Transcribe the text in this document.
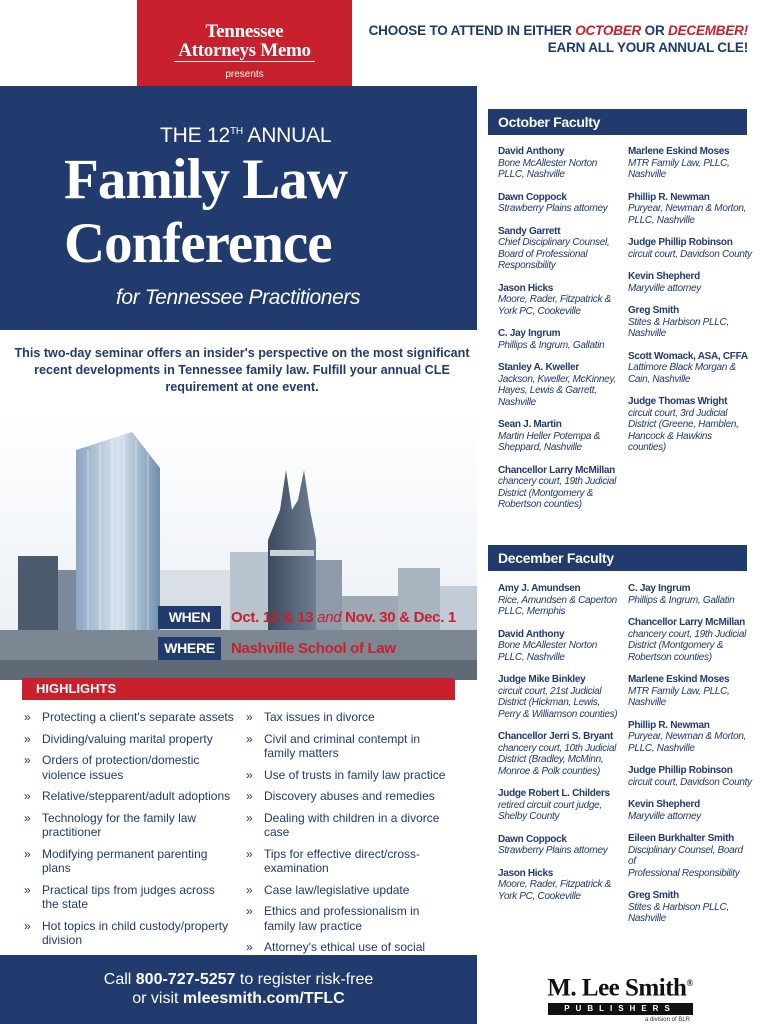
Tennessee
Attorneys Memo
presents
CHOOSE TO ATTEND IN EITHER OCTOBER OR DECEMBER!
EARN ALL YOUR ANNUAL CLE!
THE 12TH ANNUAL
Family Law
Conference
for Tennessee Practitioners
This two-day seminar offers an insider's perspective on the most significant recent developments in Tennessee family law. Fulfill your annual CLE requirement at one event.
WHEN	Oct. 12 & 13 and Nov. 30 & Dec. 1
WHERE	Nashville School of Law
HIGHLIGHTS
» Protecting a client's separate assets
» Dividing/valuing marital property
» Orders of protection/domestic violence issues
» Relative/stepparent/adult adoptions
» Technology for the family law practitioner
» Modifying permanent parenting plans
» Practical tips from judges across the state
» Hot topics in child custody/property division
» Tax issues in divorce
» Civil and criminal contempt in family matters
» Use of trusts in family law practice
» Discovery abuses and remedies
» Dealing with children in a divorce case
» Tips for effective direct/cross-examination
» Case law/legislative update
» Ethics and professionalism in family law practice
» Attorney's ethical use of social
October Faculty
David Anthony
Bone McAllester Norton
PLLC, Nashville
Dawn Coppock
Strawberry Plains attorney
Sandy Garrett
Chief Disciplinary Counsel,
Board of Professional
Responsibility
Jason Hicks
Moore, Rader, Fitzpatrick &
York PC, Cookeville
C. Jay Ingrum
Phillips & Ingrum, Gallatin
Stanley A. Kweller
Jackson, Kweller, McKinney,
Hayes, Lewis & Garrett,
Nashville
Sean J. Martin
Martin Heller Potempa &
Sheppard, Nashville
Chancellor Larry McMillan
chancery court, 19th Judicial
District (Montgomery &
Robertson counties)
Marlene Eskind Moses
MTR Family Law, PLLC,
Nashville
Phillip R. Newman
Puryear, Newman & Morton,
PLLC, Nashville
Judge Phillip Robinson
circuit court, Davidson County
Kevin Shepherd
Maryville attorney
Greg Smith
Stites & Harbison PLLC,
Nashville
Scott Womack, ASA, CFFA
Lattimore Black Morgan &
Cain, Nashville
Judge Thomas Wright
circuit court, 3rd Judicial
District (Greene, Hamblen,
Hancock & Hawkins counties)
December Faculty
Amy J. Amundsen
Rice, Amundsen & Caperton
PLLC, Memphis
David Anthony
Bone McAllester Norton
PLLC, Nashville
Judge Mike Binkley
circuit court, 21st Judicial
District (Hickman, Lewis,
Perry & Williamson counties)
Chancellor Jerri S. Bryant
chancery court, 10th Judicial
District (Bradley, McMinn,
Monroe & Polk counties)
Judge Robert L. Childers
retired circuit court judge,
Shelby County
Dawn Coppock
Strawberry Plains attorney
Jason Hicks
Moore, Rader, Fitzpatrick &
York PC, Cookeville
C. Jay Ingrum
Phillips & Ingrum, Gallatin
Chancellor Larry McMillan
chancery court, 19th Judicial
District (Montgomery &
Robertson counties)
Marlene Eskind Moses
MTR Family Law, PLLC,
Nashville
Phillip R. Newman
Puryear, Newman & Morton,
PLLC, Nashville
Judge Phillip Robinson
circuit court, Davidson County
Kevin Shepherd
Maryville attorney
Eileen Burkhalter Smith
Disciplinary Counsel, Board of
Professional Responsibility
Greg Smith
Stites & Harbison PLLC,
Nashville
Call 800-727-5257 to register risk-free
or visit mleesmith.com/TFLC	M. Lee Smith®
PUBLISHERS
a division of BLR
